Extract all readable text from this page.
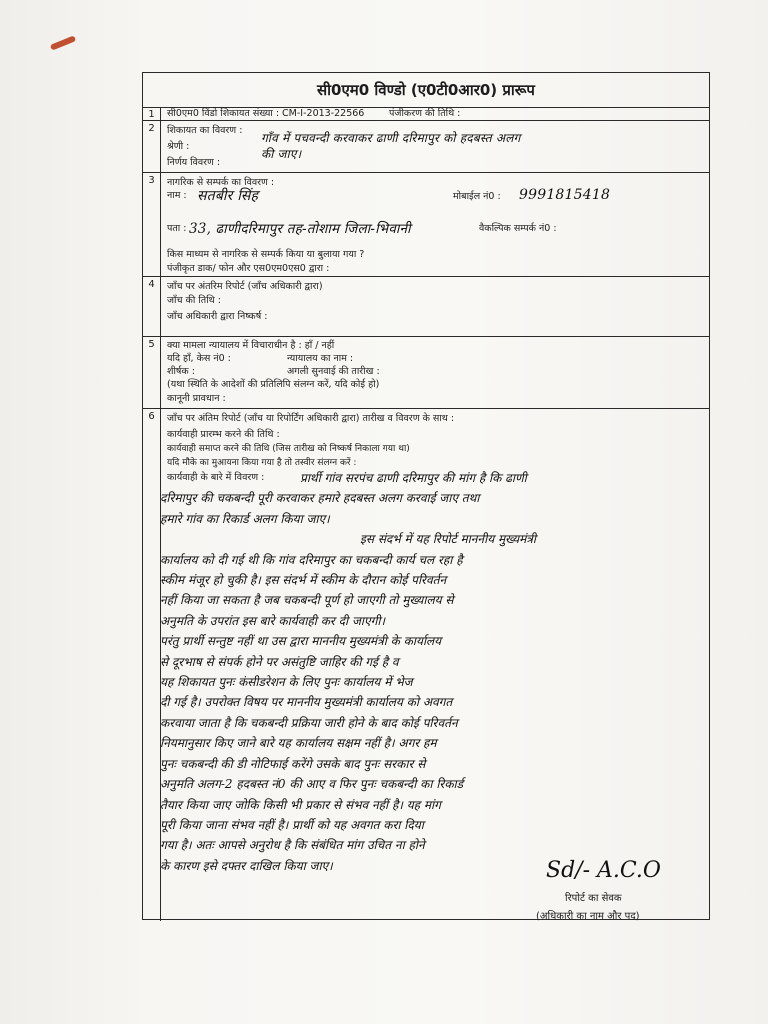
सी0एम0 विण्डो (ए0टी0आर0) प्रारूप
1	सी0एम0 विंडो शिकायत संख्या : CM-I-2013-22566	पंजीकरण की तिथि :
2	शिकायत का विवरण :
श्रेणी :
निर्णय विवरण :
गाँव में पचवन्दी करवाकर ढाणी दरिमापुर को हदबस्त अलग
की जाए।
3	नागरिक से सम्पर्क का विवरण :
नाम : सतबीर सिंह	मोबाईल नं0 : 9991815418
पता : 33, ढाणीदरिमापुर तह-तोशाम जिला-भिवानी	वैकल्पिक सम्पर्क नं0 :
किस माध्यम से नागरिक से सम्पर्क किया या बुलाया गया ?
पंजीकृत डाक/ फोन और एस0एम0एस0 द्वारा :
4	जाँच पर अंतरिम रिपोर्ट (जाँच अधिकारी द्वारा)
जाँच की तिथि :
जाँच अधिकारी द्वारा निष्कर्ष :
5	क्या मामला न्यायालय में विचाराधीन है : हाँ / नहीं
यदि हाँ, केस नं0 :	न्यायालय का नाम :
शीर्षक :	अगली सुनवाई की तारीख :
(यथा स्थिति के आदेशों की प्रतिलिपि संलग्न करें, यदि कोई हो)
कानूनी प्रावधान :
6	जाँच पर अंतिम रिपोर्ट (जाँच या रिपोर्टिंग अधिकारी द्वारा) तारीख व विवरण के साथ :
कार्यवाही प्रारम्भ करने की तिथि :
कार्यवाही समाप्त करने की तिथि (जिस तारीख को निष्कर्ष निकाला गया था)
यदि मौके का मुआयना किया गया है तो तस्वीर संलग्न करें :
कार्यवाही के बारे में विवरण :	प्रार्थी गांव सरपंच ढाणी दरिमापुर की मांग है कि ढाणी
दरिमापुर की चकबन्दी पूरी करवाकर हमारे हदबस्त अलग करवाई जाए तथा
हमारे गांव का रिकार्ड अलग किया जाए।
इस संदर्भ में यह रिपोर्ट माननीय मुख्यमंत्री
कार्यालय को दी गई थी कि गांव दरिमापुर का चकबन्दी कार्य चल रहा है
स्कीम मंजूर हो चुकी है। इस संदर्भ में स्कीम के दौरान कोई परिवर्तन
नहीं किया जा सकता है जब चकबन्दी पूर्ण हो जाएगी तो मुख्यालय से
अनुमति के उपरांत इस बारे कार्यवाही कर दी जाएगी।
परंतु प्रार्थी सन्तुष्ट नहीं था उस द्वारा माननीय मुख्यमंत्री के कार्यालय
से दूरभाष से संपर्क होने पर असंतुष्टि जाहिर की गई है व
यह शिकायत पुनः कंसीडरेशन के लिए पुनः कार्यालय में भेज
दी गई है। उपरोक्त विषय पर माननीय मुख्यमंत्री कार्यालय को अवगत
करवाया जाता है कि चकबन्दी प्रक्रिया जारी होने के बाद कोई परिवर्तन
नियमानुसार किए जाने बारे यह कार्यालय सक्षम नहीं है। अगर हम
पुनः चकबन्दी की डी नोटिफाई करेंगे उसके बाद पुनः सरकार से
अनुमति अलग-2 हदबस्त नं0 की आए व फिर पुनः चकबन्दी का रिकार्ड
तैयार किया जाए जोकि किसी भी प्रकार से संभव नहीं है। यह मांग
पूरी किया जाना संभव नहीं है। प्रार्थी को यह अवगत करा दिया
गया है। अतः आपसे अनुरोध है कि संबंधित मांग उचित ना होने
के कारण इसे दफ्तर दाखिल किया जाए।	Sd/- A.C.O
रिपोर्ट का सेवक
(अधिकारी का नाम और पद)
